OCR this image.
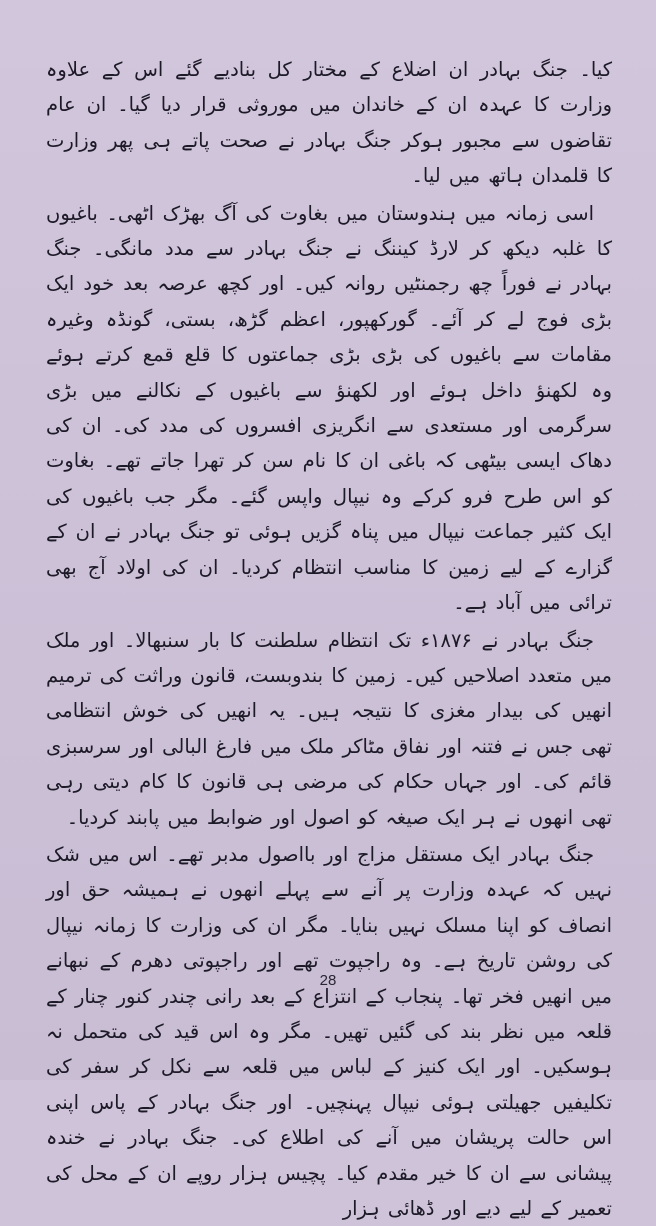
کیا۔ جنگ بہادر ان اضلاع کے مختار کل بنادیے گئے اس کے علاوہ وزارت کا عہدہ ان کے خاندان میں موروثی قرار دیا گیا۔ ان عام تقاضوں سے مجبور ہوکر جنگ بہادر نے صحت پاتے ہی پھر وزارت کا قلمدان ہاتھ میں لیا۔

اسی زمانہ میں ہندوستان میں بغاوت کی آگ بھڑک اٹھی۔ باغیوں کا غلبہ دیکھ کر لارڈ کیننگ نے جنگ بہادر سے مدد مانگی۔ جنگ بہادر نے فوراً چھ رجمنٹیں روانہ کیں۔ اور کچھ عرصہ بعد خود ایک بڑی فوج لے کر آئے۔ گورکھپور، اعظم گڑھ، بستی، گونڈہ وغیرہ مقامات سے باغیوں کی بڑی بڑی جماعتوں کا قلع قمع کرتے ہوئے وہ لکھنؤ داخل ہوئے اور لکھنؤ سے باغیوں کے نکالنے میں بڑی سرگرمی اور مستعدی سے انگریزی افسروں کی مدد کی۔ ان کی دھاک ایسی بیٹھی کہ باغی ان کا نام سن کر تھرا جاتے تھے۔ بغاوت کو اس طرح فرو کرکے وہ نیپال واپس گئے۔ مگر جب باغیوں کی ایک کثیر جماعت نیپال میں پناہ گزیں ہوئی تو جنگ بہادر نے ان کے گزارے کے لیے زمین کا مناسب انتظام کردیا۔ ان کی اولاد آج بھی ترائی میں آباد ہے۔

جنگ بہادر نے ۱۸۷۶ء تک انتظام سلطنت کا بار سنبھالا۔ اور ملک میں متعدد اصلاحیں کیں۔ زمین کا بندوبست، قانون وراثت کی ترمیم انھیں کی بیدار مغزی کا نتیجہ ہیں۔ یہ انھیں کی خوش انتظامی تھی جس نے فتنہ اور نفاق مٹاکر ملک میں فارغ البالی اور سرسبزی قائم کی۔ اور جہاں حکام کی مرضی ہی قانون کا کام دیتی رہی تھی انھوں نے ہر ایک صیغہ کو اصول اور ضوابط میں پابند کردیا۔

جنگ بہادر ایک مستقل مزاج اور بااصول مدبر تھے۔ اس میں شک نہیں کہ عہدہ وزارت پر آنے سے پہلے انھوں نے ہمیشہ حق اور انصاف کو اپنا مسلک نہیں بنایا۔ مگر ان کی وزارت کا زمانہ نیپال کی روشن تاریخ ہے۔ وہ راجپوت تھے اور راجپوتی دھرم کے نبھانے میں انھیں فخر تھا۔ پنجاب کے انتزاع کے بعد رانی چندر کنور چنار کے قلعہ میں نظر بند کی گئیں تھیں۔ مگر وہ اس قید کی متحمل نہ ہوسکیں۔ اور ایک کنیز کے لباس میں قلعہ سے نکل کر سفر کی تکلیفیں جھیلتی ہوئی نیپال پہنچیں۔ اور جنگ بہادر کے پاس اپنی اس حالت پریشان میں آنے کی اطلاع کی۔ جنگ بہادر نے خندہ پیشانی سے ان کا خیر مقدم کیا۔ پچیس ہزار روپے ان کے محل کی تعمیر کے لیے دیے اور ڈھائی ہزار

28
